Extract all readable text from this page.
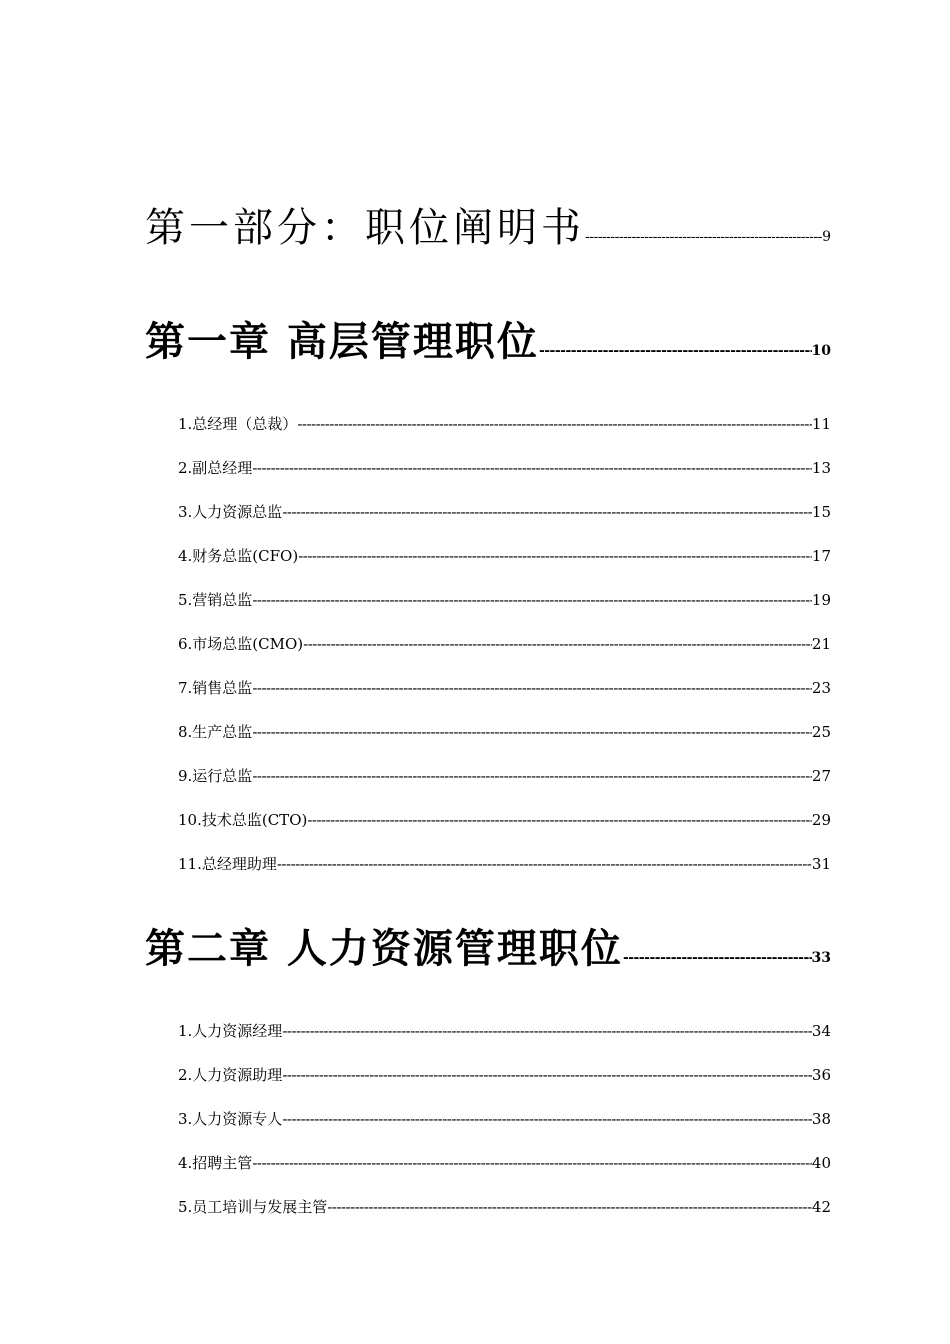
第一部分：职位阐明书 -----	9
第一章 高层管理职位 -----	10
1.总经理（总裁） -----	11
2.副总经理 -----	13
3.人力资源总监 -----	15
4.财务总监(CFO) -----	17
5.营销总监 -----	19
6.市场总监(CMO) -----	21
7.销售总监 -----	23
8.生产总监 -----	25
9.运行总监 -----	27
10.技术总监(CTO) -----	29
11.总经理助理 -----	31
第二章 人力资源管理职位 -----	33
1.人力资源经理 -----	34
2.人力资源助理 -----	36
3.人力资源专人 -----	38
4.招聘主管 -----	40
5.员工培训与发展主管 -----	42
